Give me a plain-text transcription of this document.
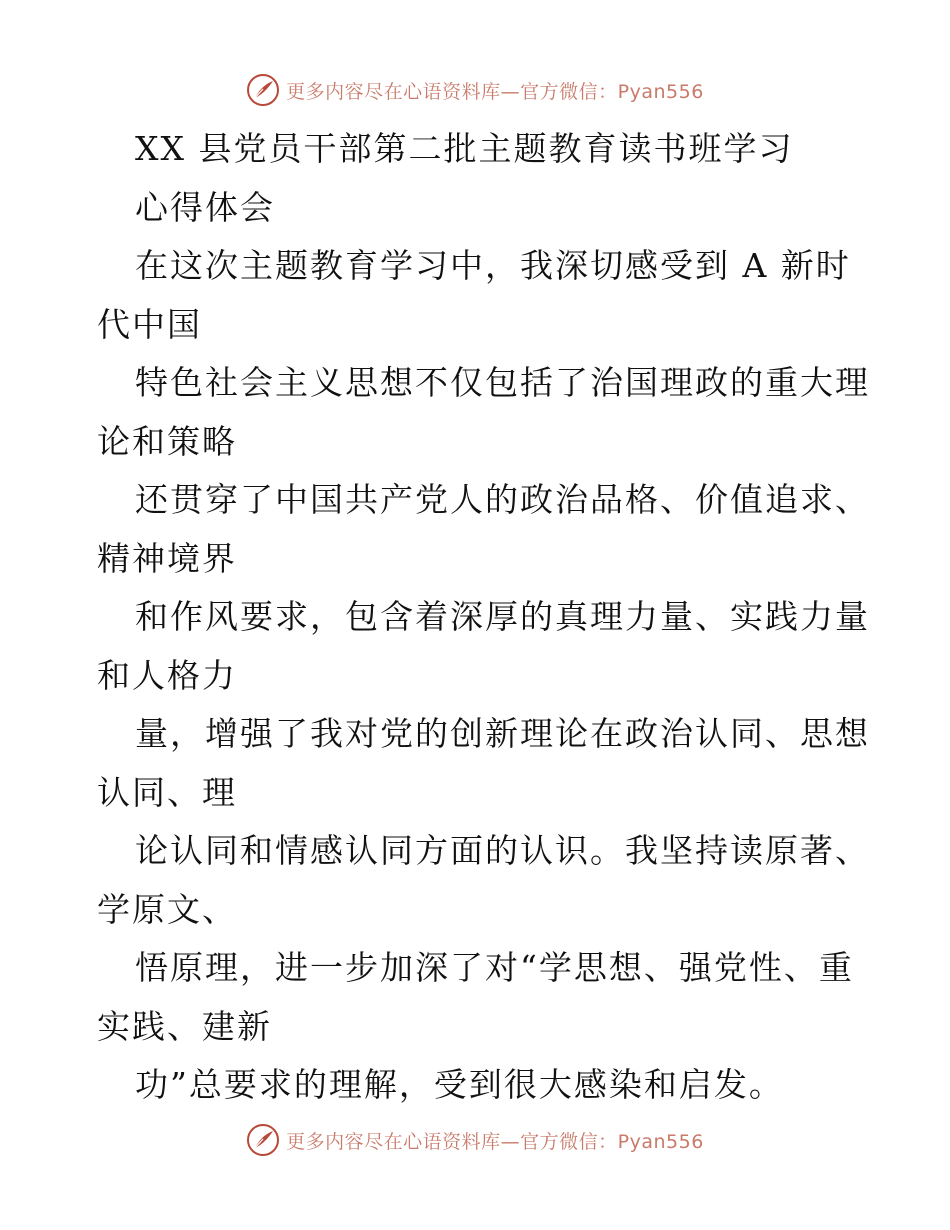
更多内容尽在心语资料库—官方微信：Pyan556
XX 县党员干部第二批主题教育读书班学习
心得体会
在这次主题教育学习中，我深切感受到 A 新时
代中国
特色社会主义思想不仅包括了治国理政的重大理
论和策略
还贯穿了中国共产党人的政治品格、价值追求、
精神境界
和作风要求，包含着深厚的真理力量、实践力量
和人格力
量，增强了我对党的创新理论在政治认同、思想
认同、理
论认同和情感认同方面的认识。我坚持读原著、
学原文、
悟原理，进一步加深了对“学思想、强党性、重
实践、建新
功”总要求的理解，受到很大感染和启发。
更多内容尽在心语资料库—官方微信：Pyan556
